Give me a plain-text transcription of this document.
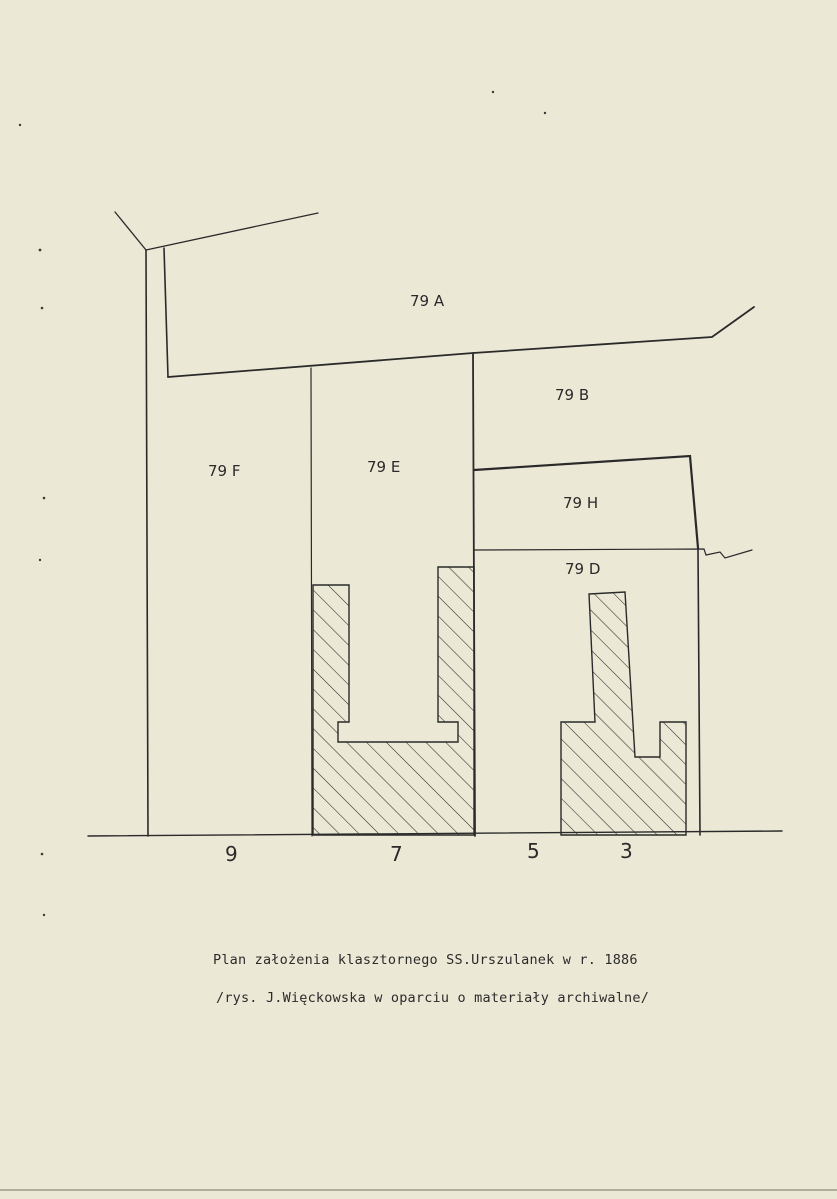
79 A
79 B
79 D
79 E
79 F
79 H
9	7	5	3
Plan założenia klasztornego SS.Urszulanek w r. 1886
/rys. J.Więckowska w oparciu o materiały archiwalne/
